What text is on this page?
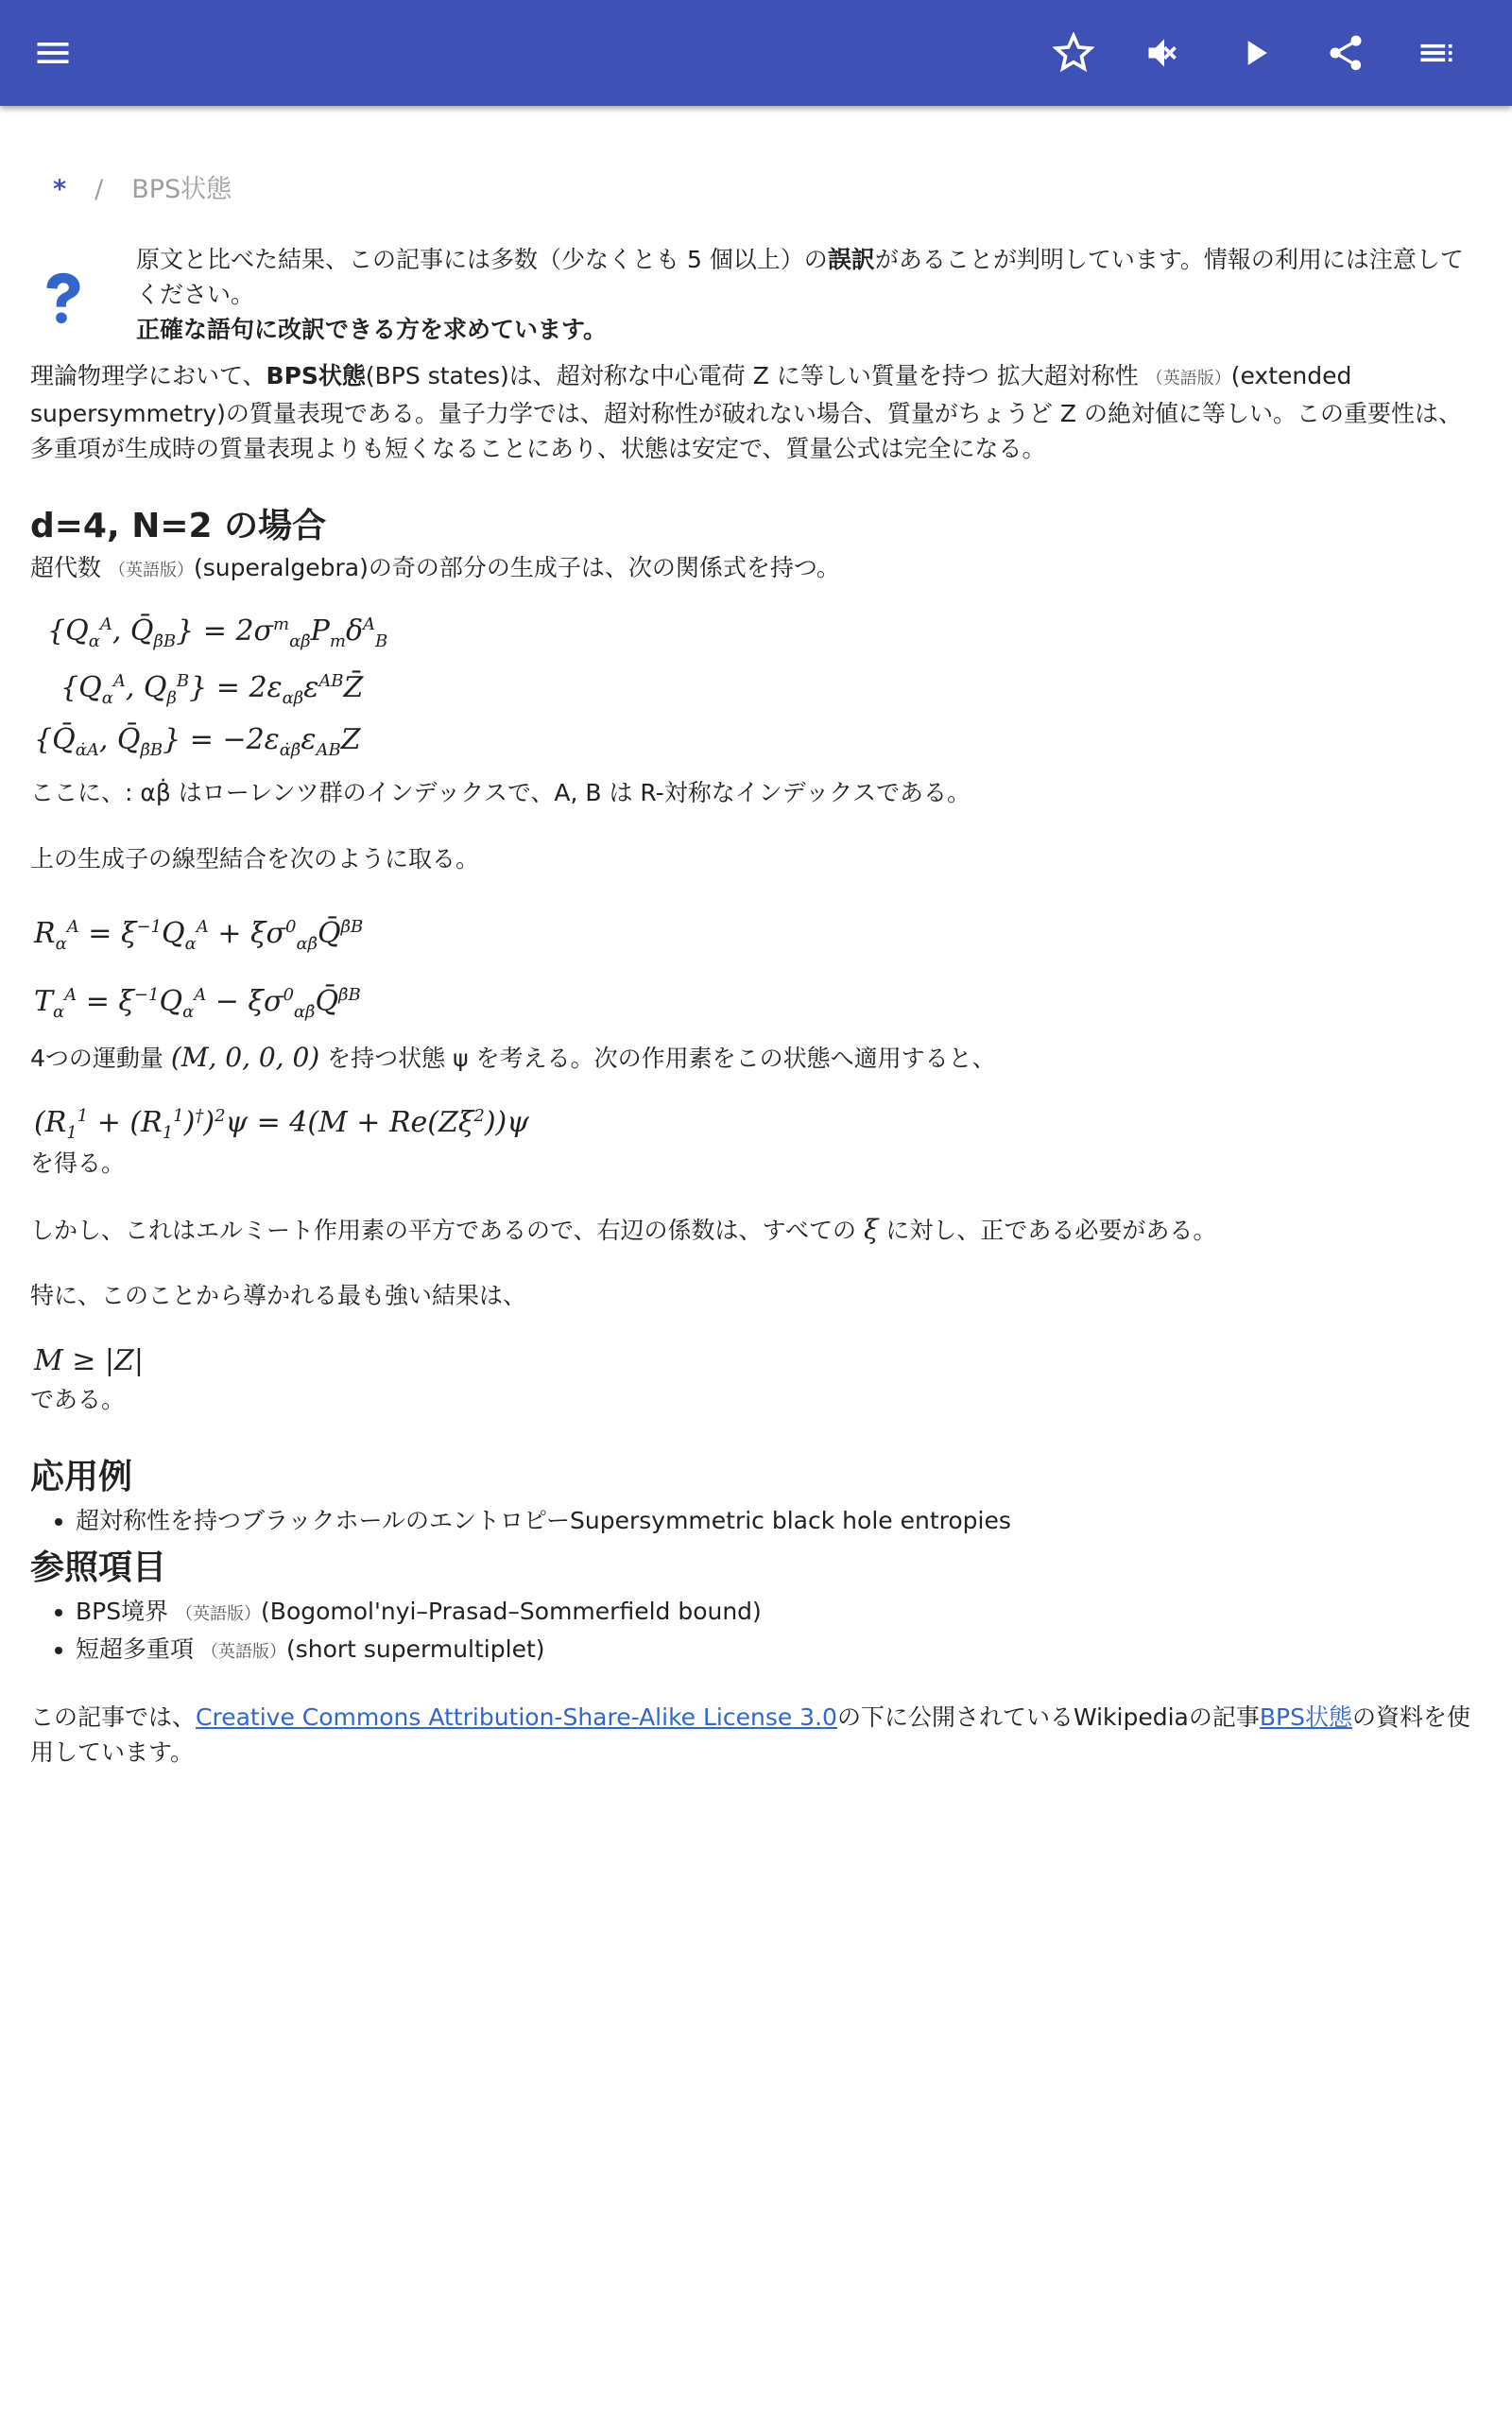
* / BPS状態
原文と比べた結果、この記事には多数（少なくとも 5 個以上）の誤訳があることが判明しています。情報の利用には注意してください。
正確な語句に改訳できる方を求めています。
理論物理学において、BPS状態(BPS states)は、超対称な中心電荷 Z に等しい質量を持つ 拡大超対称性 （英語版）(extended supersymmetry)の質量表現である。量子力学では、超対称性が破れない場合、質量がちょうど Z の絶対値に等しい。この重要性は、多重項が生成時の質量表現よりも短くなることにあり、状態は安定で、質量公式は完全になる。
d=4, N=2 の場合
超代数 （英語版）(superalgebra)の奇の部分の生成子は、次の関係式を持つ。
{$Q_\alpha^A$, $Q̄_{\betȧB}\} = 2\sigma^m_{\alpha\betȧ}P_m\delta^A_B$
{$Q_\alpha^A$, $Q_\beta^B$} = $2\varepsilon_{\alpha\beta}\varepsilon^{AB}Z̄$
{$Q̄_{\alphȧA}$, $Q̄_{\betȧB}\} = -2\varepsilon_{\alphȧ\betȧ}\varepsilon_{AB}Z$
ここに、: αβ̇ はローレンツ群のインデックスで、A, B は R-対称なインデックスである。
上の生成子の線型結合を次のように取る。
$R_\alpha^A = \xi^{-1}Q_\alpha^A$ + $\xi\sigma^0_{\alpha\betȧ}Q̄^{\betȧB}$
$T_\alpha^A = \xi^{-1}Q_\alpha^A$ − $\xi\sigma^0_{\alpha\betȧ}Q̄^{\betȧB}$
4つの運動量 (M, 0, 0, 0) を持つ状態 ψ を考える。次の作用素をこの状態へ適用すると、
$(R_1^1 + (R_1^1)^\dagger)^2\psi = 4(M + Re(Z\xi^2))\psi$
を得る。
しかし、これはエルミート作用素の平方であるので、右辺の係数は、すべての ξ に対し、正である必要がある。
特に、このことから導かれる最も強い結果は、
M ≥ |Z|
である。
応用例
• 超対称性を持つブラックホールのエントロピーSupersymmetric black hole entropies
参照項目
• BPS境界 （英語版）(Bogomol'nyi–Prasad–Sommerfield bound)
• 短超多重項 （英語版）(short supermultiplet)
この記事では、Creative Commons Attribution-Share-Alike License 3.0の下に公開されているWikipediaの記事BPS状態の資料を使用しています。
